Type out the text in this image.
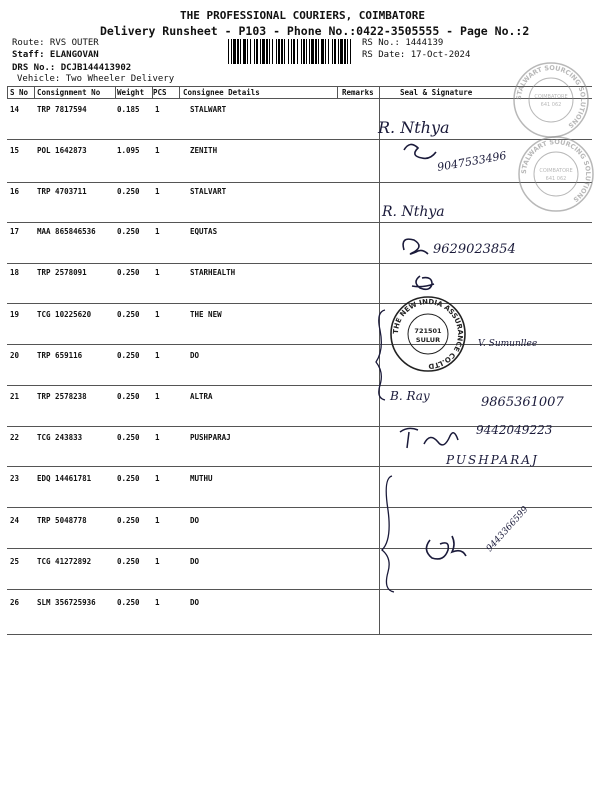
THE PROFESSIONAL COURIERS, COIMBATORE
Delivery Runsheet - P103 - Phone No.:0422-3505555 - Page No.:2
Route: RVS OUTER
Staff: ELANGOVAN
DRS No.: DCJB144413902
Vehicle: Two Wheeler Delivery
RS No.: 1444139
RS Date: 17-Oct-2024
S No Consignment No Weight PCS Consignee Details	Remarks	Seal & Signature
14 TRP 7817594	0.185 1	STALWART
15 POL 1642873	1.095 1	ZENITH
16 TRP 4703711	0.250 1	STALVART
17 MAA 865846536	0.250 1	EQUTAS
18 TRP 2578091	0.250 1	STARHEALTH
19 TCG 10225620	0.250 1	THE NEW
20 TRP 659116	0.250 1	DO
21 TRP 2578238	0.250 1	ALTRA
22 TCG 243833	0.250 1	PUSHPARAJ
23 EDQ 14461781	0.250 1	MUTHU
24 TRP 5048778	0.250 1	DO
25 TCG 41272892	0.250 1	DO
26 SLM 356725936	0.250 1	DO
STALWART SOURCING SOLUTIONS
COIMBATORE
641 062
STALWART SOURCING SOLUTIONS
COIMBATORE
641 062
THE NEW INDIA ASSURANCE CO.LTD
721501
SULUR
R. Nthya
9047533496
R. Nthya
9629023854
V. Sumunllee
B. Ray	9865361007
9442049223
PUSHPARAJ
9443366599
